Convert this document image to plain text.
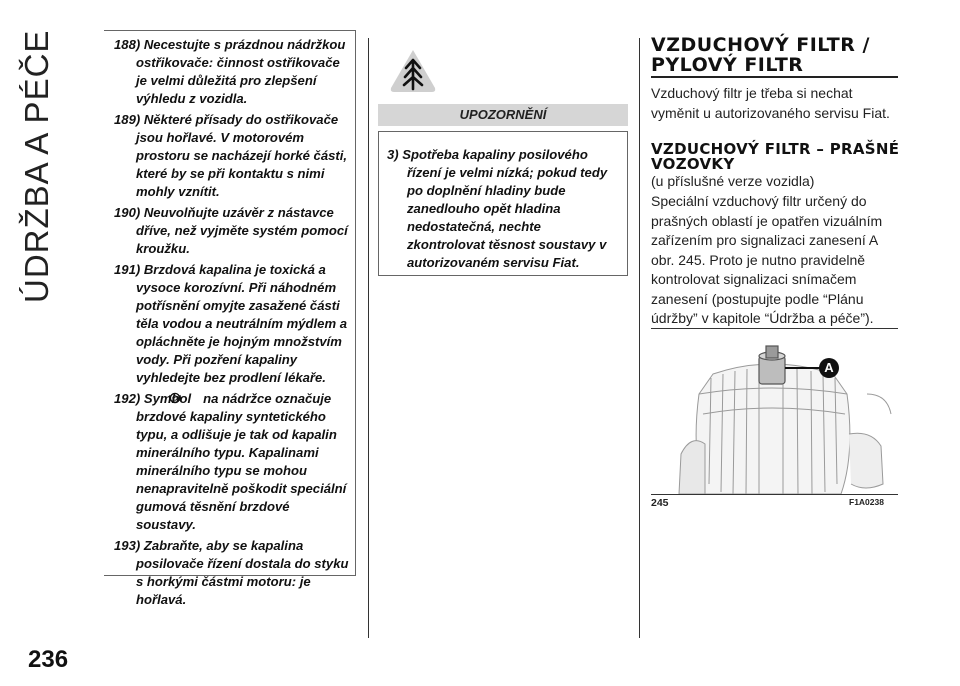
ÚDRŽBA A PÉČE
236
188) Necestujte s prázdnou nádržkou ostřikovače: činnost ostřikovače je velmi důležitá pro zlepšení výhledu z vozidla.
189) Některé přísady do ostřikovače jsou hořlavé. V motorovém prostoru se nacházejí horké části, které by se při kontaktu s nimi mohly vznítit.
190) Neuvolňujte uzávěr z nástavce dříve, než vyjměte systém pomocí kroužku.
191) Brzdová kapalina je toxická a vysoce korozívní. Při náhodném potřísnění omyjte zasažené části těla vodou a neutrálním mýdlem a opláchněte je hojným množstvím vody. Při pozření kapaliny vyhledejte bez prodlení lékaře.
192) Symbol na nádržce označuje brzdové kapaliny syntetického typu, a odlišuje je tak od kapalin minerálního typu. Kapalinami minerálního typu se mohou nenapravitelně poškodit speciální gumová těsnění brzdové soustavy.
193) Zabraňte, aby se kapalina posilovače řízení dostala do styku s horkými částmi motoru: je hořlavá.
UPOZORNĚNÍ
3) Spotřeba kapaliny posilového řízení je velmi nízká; pokud tedy po doplnění hladiny bude zanedlouho opět hladina nedostatečná, nechte zkontrolovat těsnost soustavy v autorizovaném servisu Fiat.
VZDUCHOVÝ FILTR / PYLOVÝ FILTR
Vzduchový filtr je třeba si nechat vyměnit u autorizovaného servisu Fiat.
VZDUCHOVÝ FILTR – PRAŠNÉ VOZOVKY
(u příslušné verze vozidla)
Speciální vzduchový filtr určený do prašných oblastí je opatřen vizuálním zařízením pro signalizaci zanesení A obr. 245. Proto je nutno pravidelně kontrolovat signalizaci snímačem zanesení (postupujte podle “Plánu údržby” v kapitole “Údržba a péče”).
A
245	F1A0238
